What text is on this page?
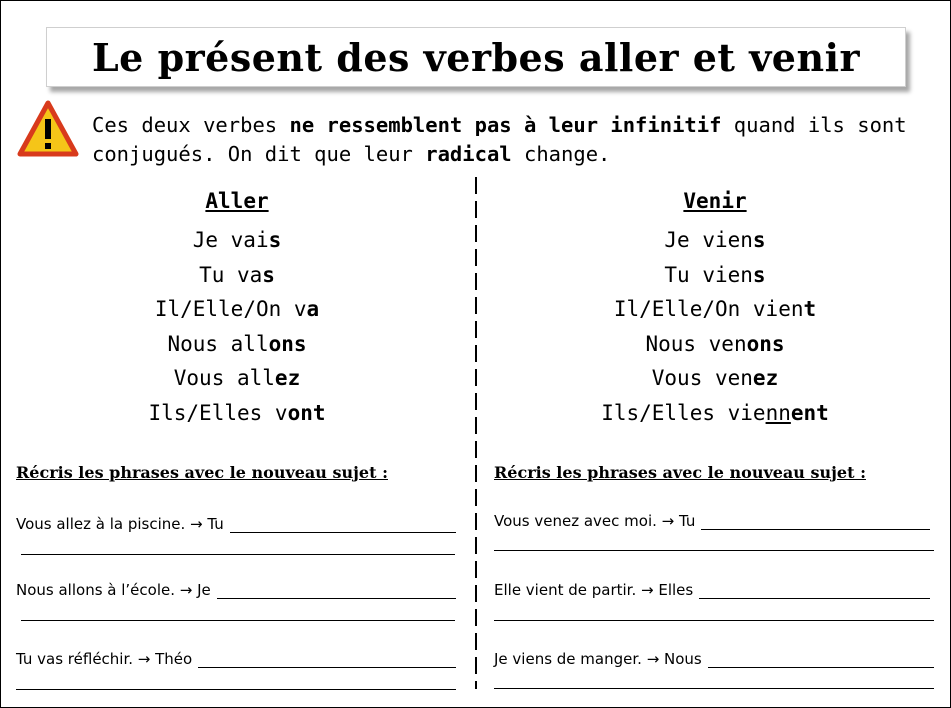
Le présent des verbes aller et venir
Ces deux verbes ne ressemblent pas à leur infinitif quand ils sont conjugués. On dit que leur radical change.
Aller
Je vais
Tu vas
Il/Elle/On va
Nous allons
Vous allez
Ils/Elles vont
Venir
Je viens
Tu viens
Il/Elle/On vient
Nous venons
Vous venez
Ils/Elles viennent
Récris les phrases avec le nouveau sujet :	Récris les phrases avec le nouveau sujet :
Vous allez à la piscine. → Tu
Nous allons à l’école. → Je
Tu vas réfléchir. → Théo
Vous venez avec moi. → Tu
Elle vient de partir. → Elles
Je viens de manger. → Nous
